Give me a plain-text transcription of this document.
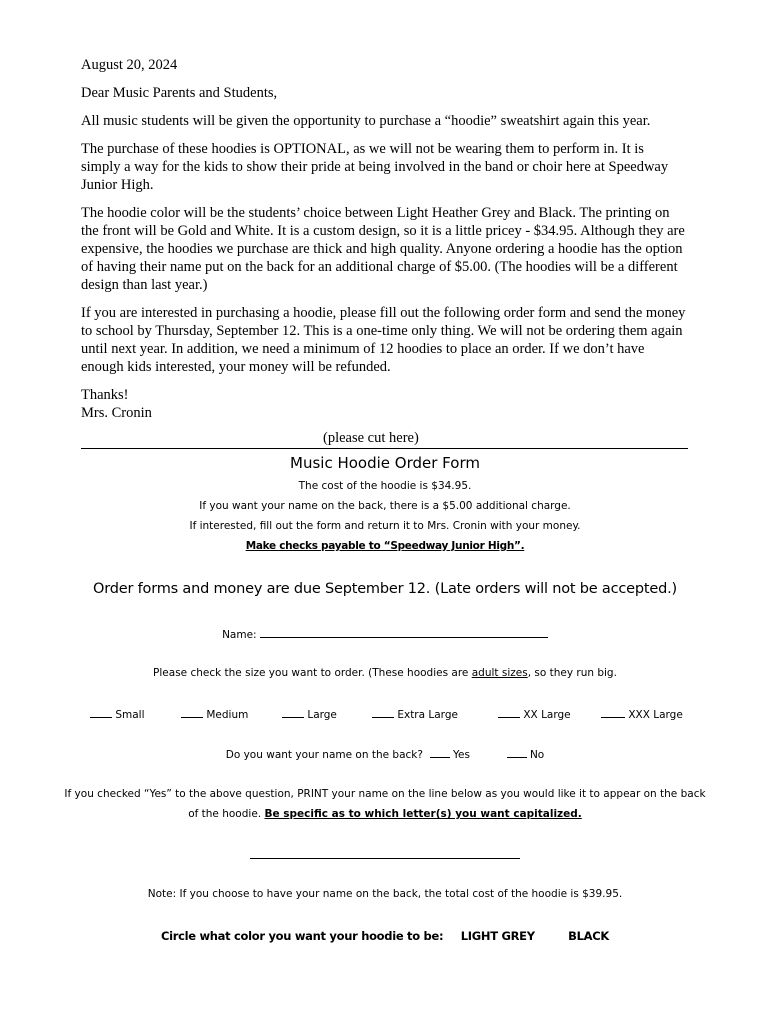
August 20, 2024

Dear Music Parents and Students,

All music students will be given the opportunity to purchase a “hoodie” sweatshirt again this year.

The purchase of these hoodies is OPTIONAL, as we will not be wearing them to perform in. It is simply a way for the kids to show their pride at being involved in the band or choir here at Speedway Junior High.

The hoodie color will be the students’ choice between Light Heather Grey and Black. The printing on the front will be Gold and White. It is a custom design, so it is a little pricey - $34.95. Although they are expensive, the hoodies we purchase are thick and high quality. Anyone ordering a hoodie has the option of having their name put on the back for an additional charge of $5.00. (The hoodies will be a different design than last year.)

If you are interested in purchasing a hoodie, please fill out the following order form and send the money to school by Thursday, September 12. This is a one-time only thing. We will not be ordering them again until next year. In addition, we need a minimum of 12 hoodies to place an order. If we don’t have enough kids interested, your money will be refunded.

Thanks!

Mrs. Cronin

(please cut here)
Music Hoodie Order Form
The cost of the hoodie is $34.95.
If you want your name on the back, there is a $5.00 additional charge.
If interested, fill out the form and return it to Mrs. Cronin with your money.
Make checks payable to “Speedway Junior High”.
Order forms and money are due September 12. (Late orders will not be accepted.)
Name:
Please check the size you want to order. (These hoodies are adult sizes, so they run big.
Small	Medium	Large	Extra Large	XX Large	XXX Large
Do you want your name on the back?	Yes	No
If you checked “Yes” to the above question, PRINT your name on the line below as you would like it to appear on the back
of the hoodie. Be specific as to which letter(s) you want capitalized.
Note: If you choose to have your name on the back, the total cost of the hoodie is $39.95.
Circle what color you want your hoodie to be: LIGHT GREY	BLACK
